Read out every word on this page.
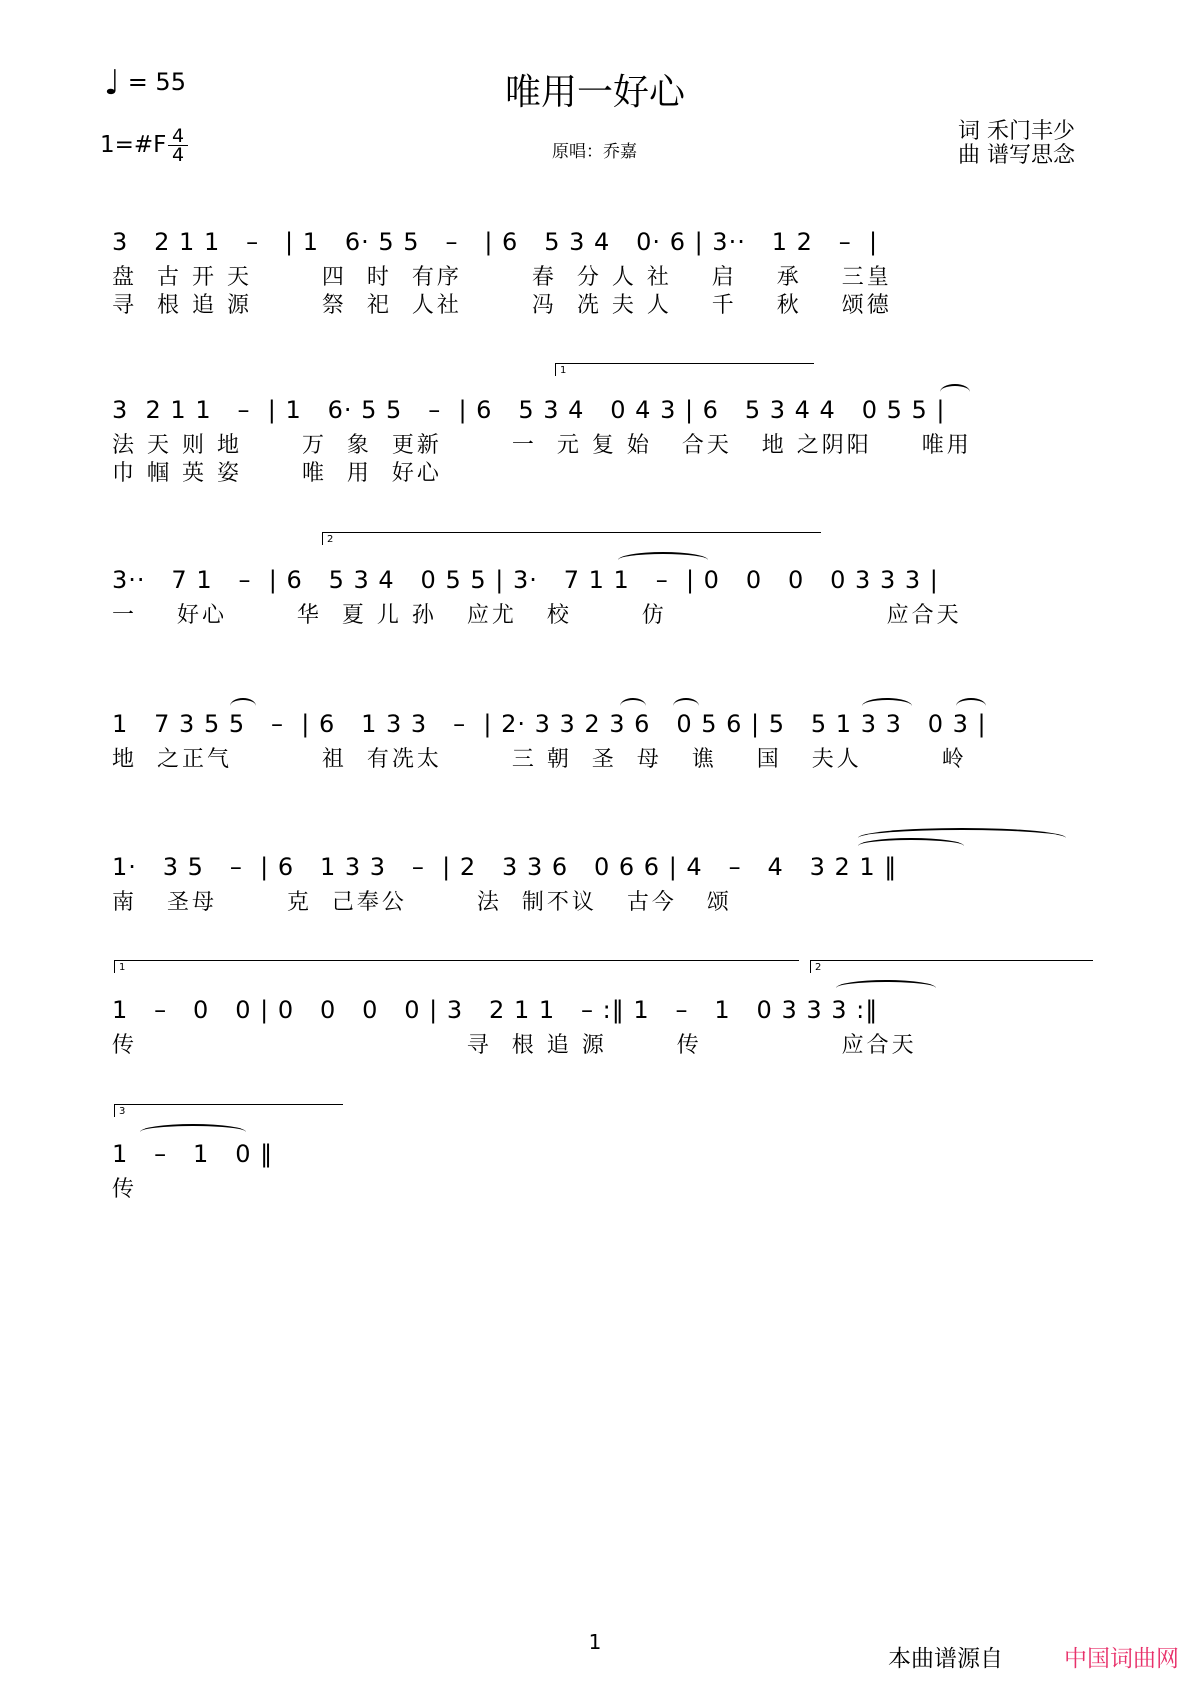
唯用一好心
♩ = 55
1=#F 4
4	原唱：乔嘉
词 禾门丰少
曲 谱写思念
3   2 1 1   –   | 1   6· 5 5   –   | 6   5 3 4   0· 6 | 3··   1 2   –  |
盘  古 开 天       四  时  有序       春  分 人 社    启    承    三皇
寻  根 追 源       祭  祀  人社       冯  冼 夫 人    千    秋    颂德
1
3  2 1 1   –  | 1   6· 5 5   –  | 6   5 3 4   0 4 3 | 6   5 3 4 4   0 5 5 |
法 天 则 地      万  象  更新       一  元 复 始   合天   地 之阴阳     唯用
巾 帼 英 姿      唯  用  好心
2
3··   7 1   –  | 6   5 3 4   0 5 5 | 3·   7 1 1   –  | 0   0   0   0 3 3 3 |
一    好心       华  夏 儿 孙   应尤   校       仿                      应合天
1   7 3 5 5   –  | 6   1 3 3   –  | 2· 3 3 2 3 6   0 5 6 | 5   5 1 3 3   0 3 |
地  之正气         祖  有冼太       三 朝  圣  母   谯    国   夫人        岭
1·   3 5   –  | 6   1 3 3   –  | 2   3 3 6   0 6 6 | 4   –   4   3 2 1 ‖
南   圣母       克  己奉公       法  制不议   古今   颂
1	2
1   –   0   0 | 0   0   0   0 | 3   2 1 1   – :‖ 1   –   1   0 3 3 3 :‖
传                                 寻  根 追 源       传              应合天
3
1   –   1   0 ‖
传
1
本曲谱源自	中国词曲网
